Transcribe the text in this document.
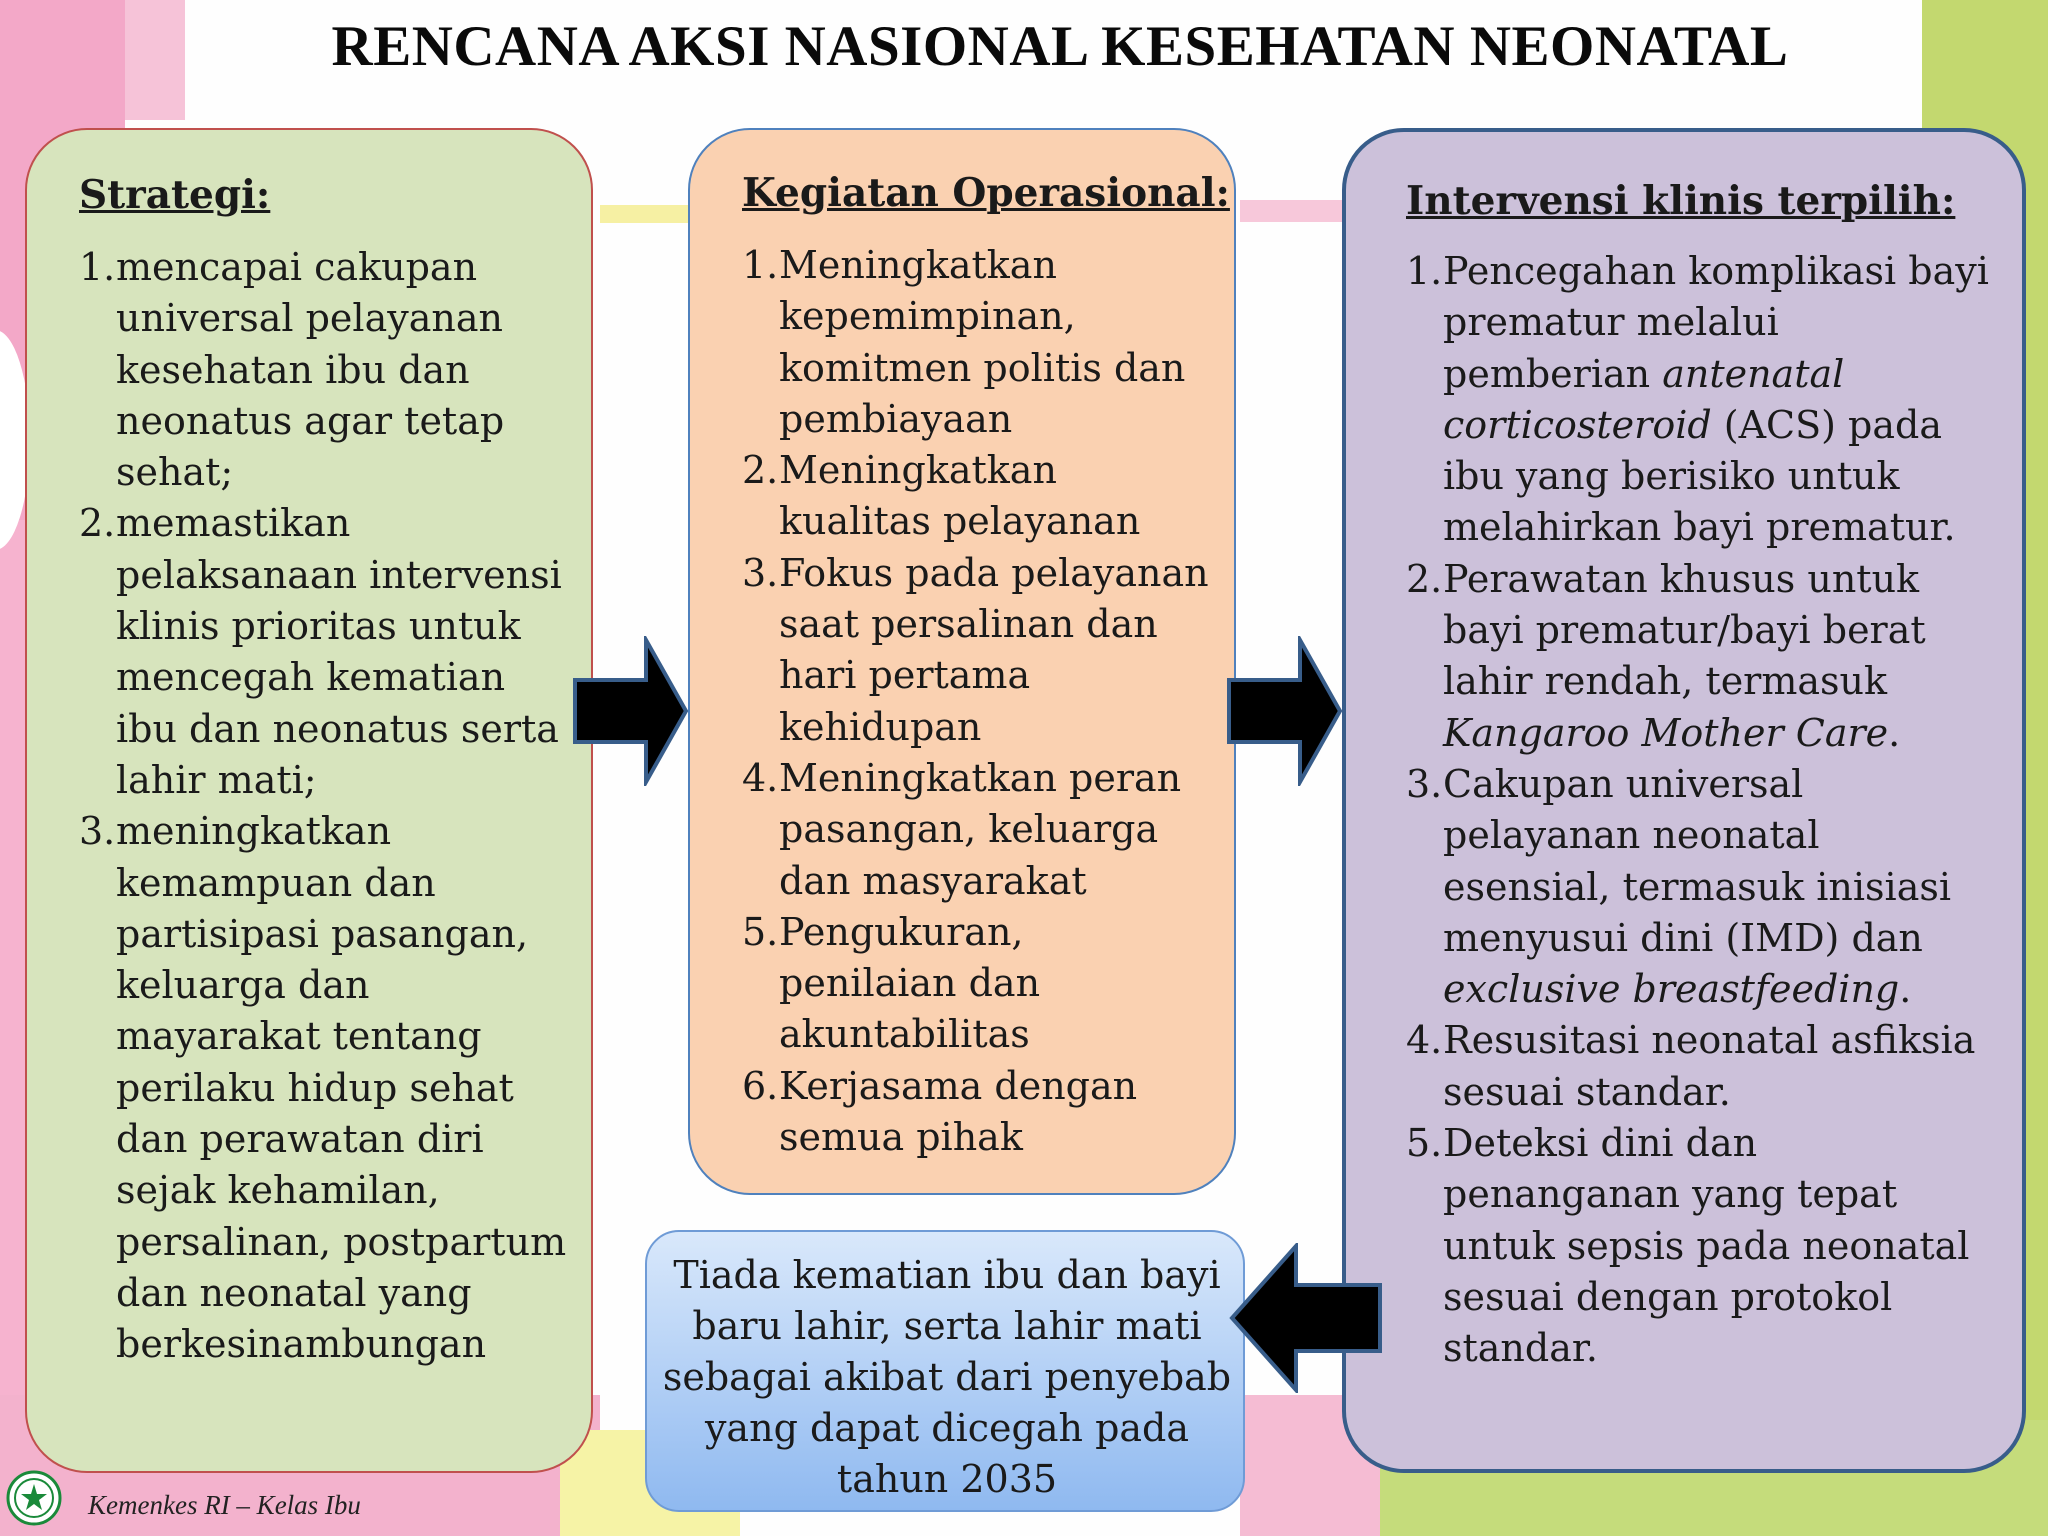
RENCANA AKSI NASIONAL KESEHATAN NEONATAL
Strategi:
1. mencapai cakupan universal pelayanan kesehatan ibu dan neonatus agar tetap sehat;
2. memastikan pelaksanaan intervensi klinis prioritas untuk mencegah kematian ibu dan neonatus serta lahir mati;
3. meningkatkan kemampuan dan partisipasi pasangan, keluarga dan mayarakat tentang perilaku hidup sehat dan perawatan diri sejak kehamilan, persalinan, postpartum dan neonatal yang berkesinambungan
Kegiatan Operasional:
1. Meningkatkan kepemimpinan, komitmen politis dan pembiayaan
2. Meningkatkan kualitas pelayanan
3. Fokus pada pelayanan saat persalinan dan hari pertama kehidupan
4. Meningkatkan peran pasangan, keluarga dan masyarakat
5. Pengukuran, penilaian dan akuntabilitas
6. Kerjasama dengan semua pihak
Intervensi klinis terpilih:
1. Pencegahan komplikasi bayi prematur melalui pemberian antenatal corticosteroid (ACS) pada ibu yang berisiko untuk melahirkan bayi prematur.
2. Perawatan khusus untuk bayi prematur/bayi berat lahir rendah, termasuk Kangaroo Mother Care.
3. Cakupan universal pelayanan neonatal esensial, termasuk inisiasi menyusui dini (IMD) dan exclusive breastfeeding.
4. Resusitasi neonatal asfiksia sesuai standar.
5. Deteksi dini dan penanganan yang tepat untuk sepsis pada neonatal sesuai dengan protokol standar.
Tiada kematian ibu dan bayi baru lahir, serta lahir mati sebagai akibat dari penyebab yang dapat dicegah pada tahun 2035
Kemenkes RI – Kelas Ibu
